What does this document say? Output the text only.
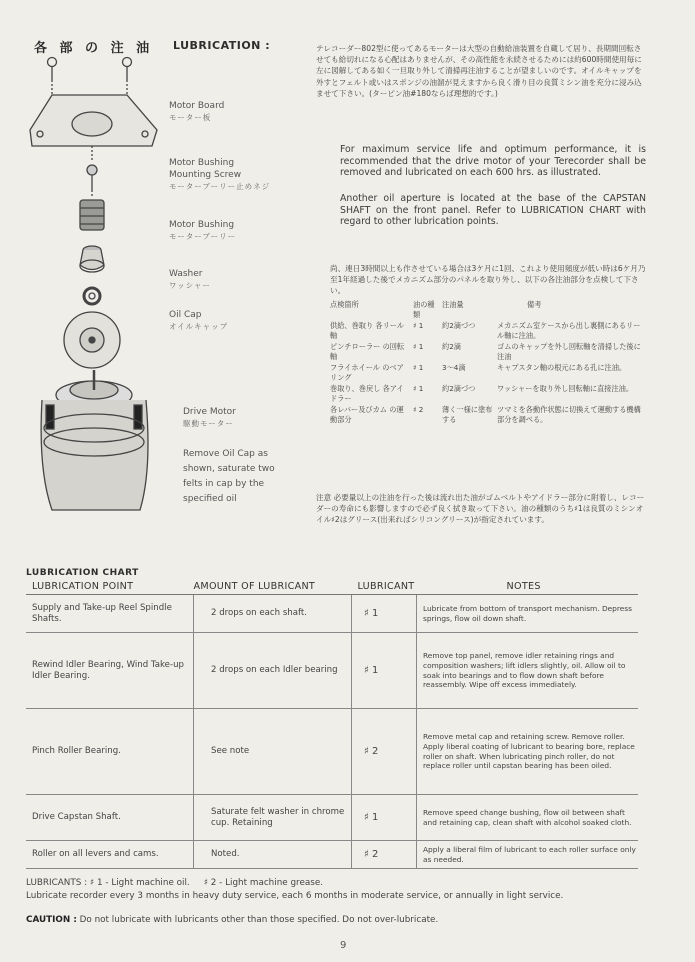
各 部 の 注 油 LUBRICATION :
Motor Board
モーター板
Motor Bushing Mounting Screw
モーターブーリー止めネジ
Motor Bushing
モーターブーリー
Washer
ワッシャー
Oil Cap
オイルキャップ
Drive Motor
駆動モーター
Remove Oil Cap as shown, saturate two felts in cap by the specified oil
テレコーダー802型に使ってあるモーターは大型の自動給油装置を自蔵して居り、長期間回転させても給切れになる心配はありませんが、その高性能を永続させるためには約600時間使用毎に左に図解してある如く一旦取り外して清掃再注油することが望ましいのです。オイルキャップを外すとフェルト或いはスポンジの油溜が見えますから良く滑り目の良質ミシン油を充分に浸み込ませて下さい。(ターピン油#180ならば理想的です。)
For maximum service life and optimum performance, it is recommended that the drive motor of your Terecorder shall be removed and lubricated on each 600 hrs. as illustrated.
Another oil aperture is located at the base of the CAPSTAN SHAFT on the front panel. Refer to LUBRICATION CHART with regard to other lubrication points.
尚、連日3時間以上も作させている場合は3ケ月に1回、これより使用頻度が低い時は6ケ月乃至1年経過した後でメカニズム部分のパネルを取り外し、以下の各注油部分を点検して下さい。
点検箇所	油の種類	注油量	備考
供給、巻取り 各リール軸	♯ 1	約2滴づつ	メカニズム室ケースから出し裏側にあるリール軸に注油。
ピンチローラー の回転軸	♯ 1	約2滴	ゴムのキャップを外し回転軸を清掃した後に注油
フライホイール のベアリング	♯ 1	3～4滴	キャプスタン軸の根元にある孔に注油。
巻取り、巻戻し 各アイドラー	♯ 1	約2滴づつ	ワッシャーを取り外し回転軸に直接注油。
各レバー及びカム の運動部分	♯ 2	薄く一様に塗布する	ツマミを各動作状態に切換えて運動する機構部分を調べる。
注意 必要量以上の注油を行った後は流れ出た油がゴムベルトやアイドラー部分に附着し、レコーダーの寿命にも影響しますので必ず良く拭き取って下さい。油の種類のうち♯1は良質のミシンオイル♯2はグリース(出来ればシリコングリース)が指定されています。
LUBRICATION CHART
LUBRICATION POINT	AMOUNT OF LUBRICANT	LUBRICANT	NOTES
Supply and Take-up Reel Spindle Shafts.	2 drops on each shaft.	♯ 1	Lubricate from bottom of transport mechanism. Depress springs, flow oil down shaft.
Rewind Idler Bearing, Wind Take-up Idler Bearing.	2 drops on each Idler bearing	♯ 1	Remove top panel, remove idler retaining rings and composition washers; lift idlers slightly, oil. Allow oil to soak into bearings and to flow down shaft before reassembly. Wipe off excess immediately.
Pinch Roller Bearing.	See note	♯ 2	Remove metal cap and retaining screw. Remove roller. Apply liberal coating of lubricant to bearing bore, replace roller on shaft. When lubricating pinch roller, do not replace roller until capstan bearing has been oiled.
Drive Capstan Shaft.	Saturate felt washer in chrome cup. Retaining	♯ 1	Remove speed change bushing, flow oil between shaft and retaining cap, clean shaft with alcohol soaked cloth.
Roller on all levers and cams.	Noted.	♯ 2	Apply a liberal film of lubricant to each roller surface only as needed.
LUBRICANTS : ♯ 1 - Light machine oil.     ♯ 2 - Light machine grease.
Lubricate recorder every 3 months in heavy duty service, each 6 months in moderate service, or annually in light service.
CAUTION : Do not lubricate with lubricants other than those specified. Do not over-lubricate.
9
